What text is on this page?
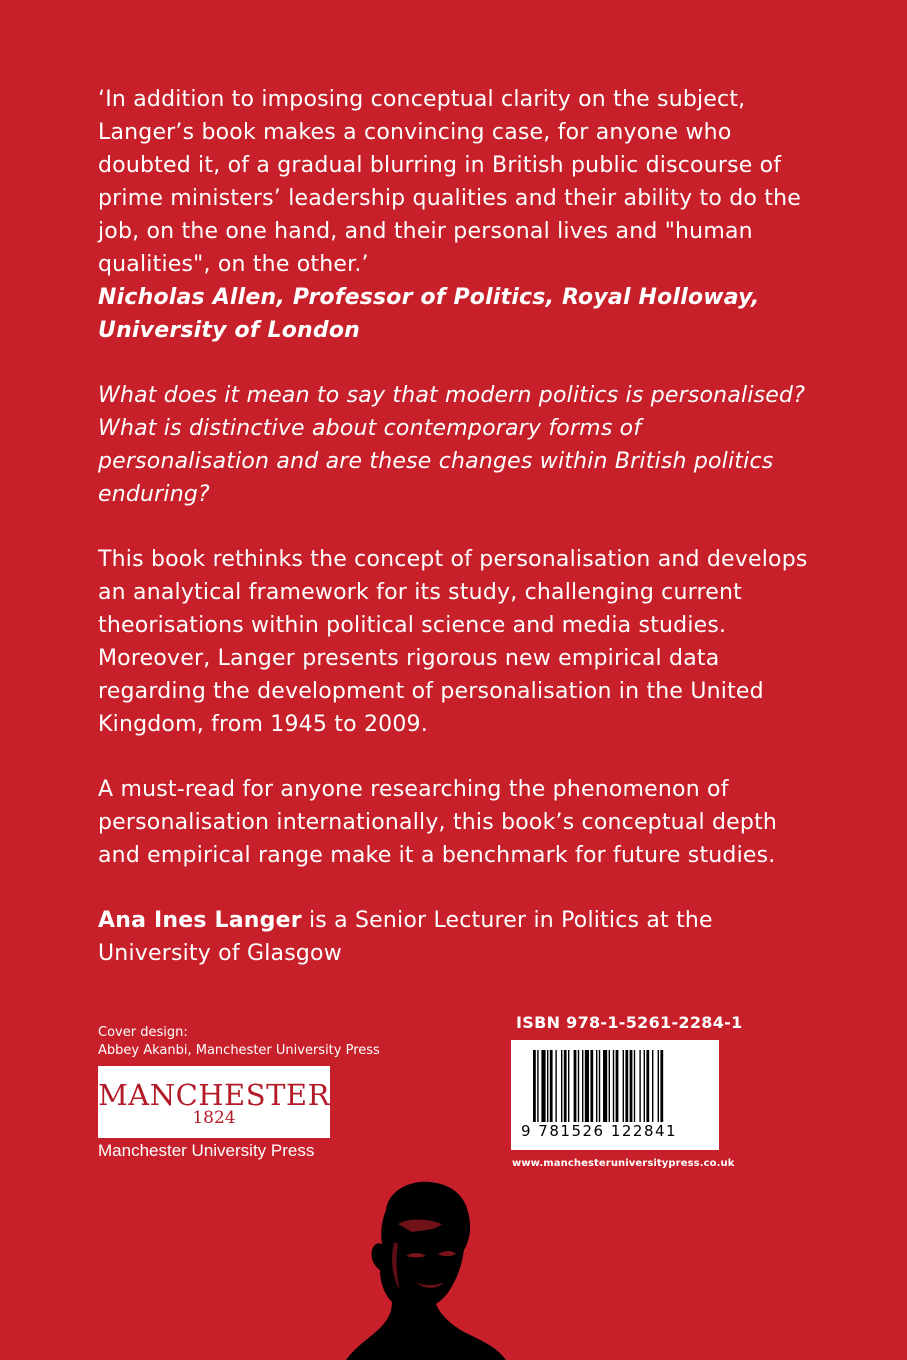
‘In addition to imposing conceptual clarity on the subject, Langer’s book makes a convincing case, for anyone who doubted it, of a gradual blurring in British public discourse of prime ministers’ leadership qualities and their ability to do the job, on the one hand, and their personal lives and "human qualities", on the other.’
Nicholas Allen, Professor of Politics, Royal Holloway, University of London
What does it mean to say that modern politics is personalised? What is distinctive about contemporary forms of personalisation and are these changes within British politics enduring?
This book rethinks the concept of personalisation and develops an analytical framework for its study, challenging current theorisations within political science and media studies. Moreover, Langer presents rigorous new empirical data regarding the development of personalisation in the United Kingdom, from 1945 to 2009.
A must-read for anyone researching the phenomenon of personalisation internationally, this book’s conceptual depth and empirical range make it a benchmark for future studies.
Ana Ines Langer is a Senior Lecturer in Politics at the University of Glasgow
Cover design:
Abbey Akanbi, Manchester University Press
MANCHESTER
1824
Manchester University Press
ISBN 978-1-5261-2284-1
9 781526 122841
www.manchesteruniversitypress.co.uk
